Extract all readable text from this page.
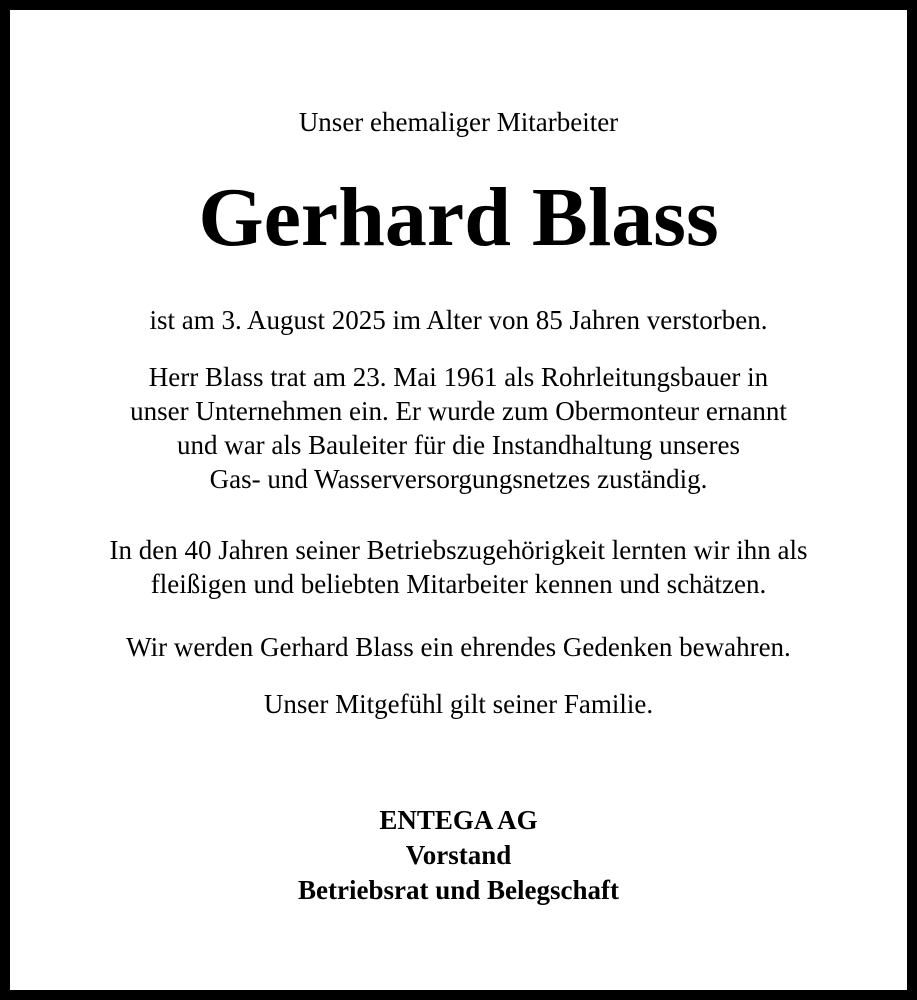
Unser ehemaliger Mitarbeiter

Gerhard Blass

ist am 3. August 2025 im Alter von 85 Jahren verstorben.

Herr Blass trat am 23. Mai 1961 als Rohrleitungsbauer in
unser Unternehmen ein. Er wurde zum Obermonteur ernannt
und war als Bauleiter für die Instandhaltung unseres
Gas- und Wasserversorgungsnetzes zuständig.

In den 40 Jahren seiner Betriebszugehörigkeit lernten wir ihn als
fleißigen und beliebten Mitarbeiter kennen und schätzen.

Wir werden Gerhard Blass ein ehrendes Gedenken bewahren.

Unser Mitgefühl gilt seiner Familie.

ENTEGA AG
Vorstand
Betriebsrat und Belegschaft
